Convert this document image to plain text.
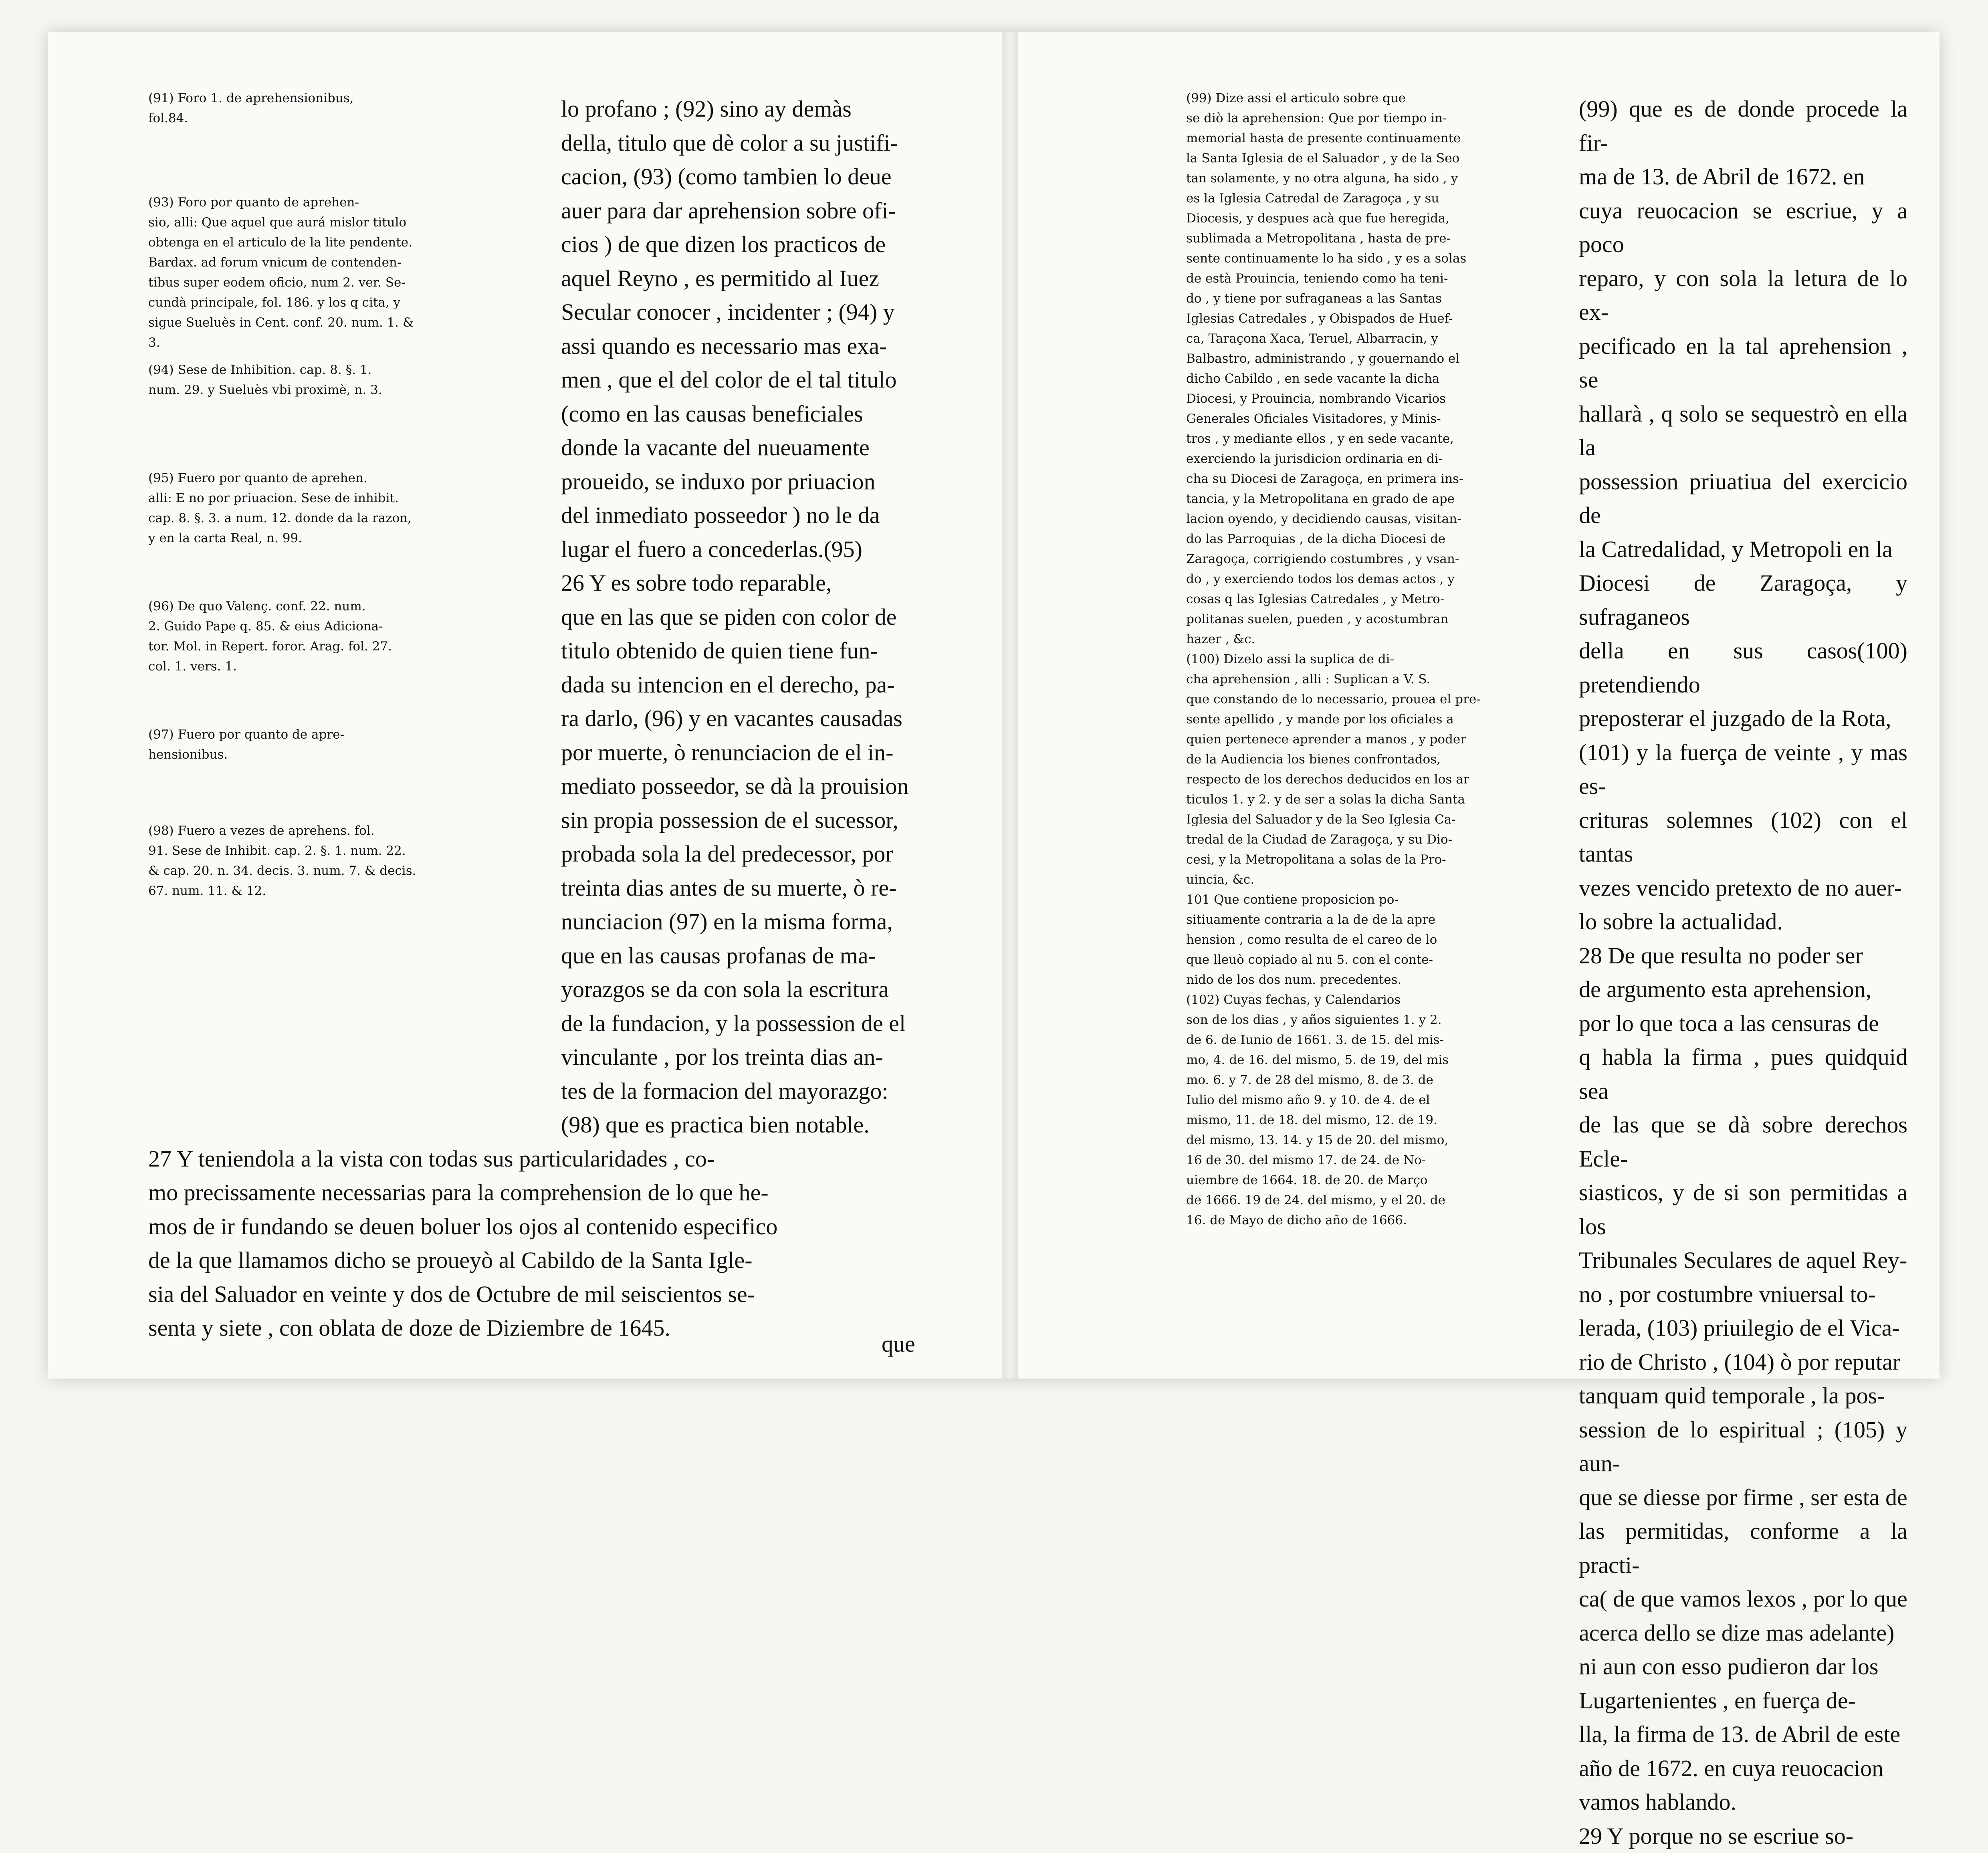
(91) Foro 1. de aprehensionibus,
fol.84.

(93) Foro por quanto de aprehen-
sio, alli: Que aquel que aurá mislor titulo
obtenga en el articulo de la lite pendente.
Bardax. ad forum vnicum de contenden-
tibus super eodem oficio, num 2. ver. Se-
cundà principale, fol. 186. y los q cita, y
sigue Sueluès in Cent. conf. 20. num. 1. &
3.

(94) Sese de Inhibition. cap. 8. §. 1.
num. 29. y Sueluès vbi proximè, n. 3.

(95) Fuero por quanto de aprehen.
alli: E no por priuacion. Sese de inhibit.
cap. 8. §. 3. a num. 12. donde da la razon,
y en la carta Real, n. 99.

(96) De quo Valenç. conf. 22. num.
2. Guido Pape q. 85. & eius Adiciona-
tor. Mol. in Repert. foror. Arag. fol. 27.
col. 1. vers. 1.

(97) Fuero por quanto de apre-
hensionibus.

(98) Fuero a vezes de aprehens. fol.
91. Sese de Inhibit. cap. 2. §. 1. num. 22.
& cap. 20. n. 34. decis. 3. num. 7. & decis.
67. num. 11. & 12.

lo profano ; (92) sino ay demàs
della, titulo que dè color a su justifi-
cacion, (93) (como tambien lo deue
auer para dar aprehension sobre ofi-
cios ) de que dizen los practicos de
aquel Reyno , es permitido al Iuez
Secular conocer , incidenter ; (94) y
assi quando es necessario mas exa-
men , que el del color de el tal titulo
(como en las causas beneficiales
donde la vacante del nueuamente
proueido, se induxo por priuacion
del inmediato posseedor ) no le da
lugar el fuero a concederlas.(95)

26 Y es sobre todo reparable,
que en las que se piden con color de
titulo obtenido de quien tiene fun-
dada su intencion en el derecho, pa-
ra darlo, (96) y en vacantes causadas
por muerte, ò renunciacion de el in-
mediato posseedor, se dà la prouision
sin propia possession de el sucessor,
probada sola la del predecessor, por
treinta dias antes de su muerte, ò re-
nunciacion (97) en la misma forma,
que en las causas profanas de ma-
yorazgos se da con sola la escritura
de la fundacion, y la possession de el
vinculante , por los treinta dias an-
tes de la formacion del mayorazgo:
(98) que es practica bien notable.

27 Y teniendola a la vista con todas sus particularidades , co-
mo precissamente necessarias para la comprehension de lo que he-
mos de ir fundando se deuen boluer los ojos al contenido especifico
de la que llamamos dicho se proueyò al Cabildo de la Santa Igle-
sia del Saluador en veinte y dos de Octubre de mil seiscientos se-
senta y siete , con oblata de doze de Diziembre de 1645.

que

(99) Dize assi el articulo sobre que
se diò la aprehension: Que por tiempo in-
memorial hasta de presente continuamente
la Santa Iglesia de el Saluador , y de la Seo
tan solamente, y no otra alguna, ha sido , y
es la Iglesia Catredal de Zaragoça , y su
Diocesis, y despues acà que fue heregida,
sublimada a Metropolitana , hasta de pre-
sente continuamente lo ha sido , y es a solas
de està Prouincia, teniendo como ha teni-
do , y tiene por sufraganeas a las Santas
Iglesias Catredales , y Obispados de Huef-
ca, Taraçona Xaca, Teruel, Albarracin, y
Balbastro, administrando , y gouernando el
dicho Cabildo , en sede vacante la dicha
Diocesi, y Prouincia, nombrando Vicarios
Generales Oficiales Visitadores, y Minis-
tros , y mediante ellos , y en sede vacante,
exerciendo la jurisdicion ordinaria en di-
cha su Diocesi de Zaragoça, en primera ins-
tancia, y la Metropolitana en grado de ape
lacion oyendo, y decidiendo causas, visitan-
do las Parroquias , de la dicha Diocesi de
Zaragoça, corrigiendo costumbres , y vsan-
do , y exerciendo todos los demas actos , y
cosas q las Iglesias Catredales , y Metro-
politanas suelen, pueden , y acostumbran
hazer , &c.

(100) Dizelo assi la suplica de di-
cha aprehension , alli : Suplican a V. S.
que constando de lo necessario, prouea el pre-
sente apellido , y mande por los oficiales a
quien pertenece aprender a manos , y poder
de la Audiencia los bienes confrontados,
respecto de los derechos deducidos en los ar
ticulos 1. y 2. y de ser a solas la dicha Santa
Iglesia del Saluador y de la Seo Iglesia Ca-
tredal de la Ciudad de Zaragoça, y su Dio-
cesi, y la Metropolitana a solas de la Pro-
uincia, &c.

101 Que contiene proposicion po-
sitiuamente contraria a la de de la apre
hension , como resulta de el careo de lo
que lleuò copiado al nu 5. con el conte-
nido de los dos num. precedentes.

(102) Cuyas fechas, y Calendarios
son de los dias , y años siguientes 1. y 2.
de 6. de Iunio de 1661. 3. de 15. del mis-
mo, 4. de 16. del mismo, 5. de 19, del mis
mo. 6. y 7. de 28 del mismo, 8. de 3. de
Iulio del mismo año 9. y 10. de 4. de el
mismo, 11. de 18. del mismo, 12. de 19.
del mismo, 13. 14. y 15 de 20. del mismo,
16 de 30. del mismo 17. de 24. de No-
uiembre de 1664. 18. de 20. de Março
de 1666. 19 de 24. del mismo, y el 20. de
16. de Mayo de dicho año de 1666.

(99) que es de donde procede la fir-
ma de 13. de Abril de 1672. en
cuya reuocacion se escriue, y a poco
reparo, y con sola la letura de lo ex-
pecificado en la tal aprehension , se
hallarà , q solo se sequestrò en ella la
possession priuatiua del exercicio de
la Catredalidad, y Metropoli en la
Diocesi de Zaragoça, y sufraganeos
della en sus casos(100) pretendiendo
preposterar el juzgado de la Rota,
(101) y la fuerça de veinte , y mas es-
crituras solemnes (102) con el tantas
vezes vencido pretexto de no auer-
lo sobre la actualidad.

28 De que resulta no poder ser
de argumento esta aprehension,
por lo que toca a las censuras de
q habla la firma , pues quidquid sea
de las que se dà sobre derechos Ecle-
siasticos, y de si son permitidas a los
Tribunales Seculares de aquel Rey-
no , por costumbre vniuersal to-
lerada, (103) priuilegio de el Vica-
rio de Christo , (104) ò por reputar
tanquam quid temporale , la pos-
session de lo espiritual ; (105) y aun-
que se diesse por firme , ser esta de
las permitidas, conforme a la practi-
ca( de que vamos lexos , por lo que
acerca dello se dize mas adelante)
ni aun con esso pudieron dar los
Lugartenientes , en fuerça de-
lla, la firma de 13. de Abril de este
año de 1672. en cuya reuocacion
vamos hablando.

29 Y porque no se escriue so-
